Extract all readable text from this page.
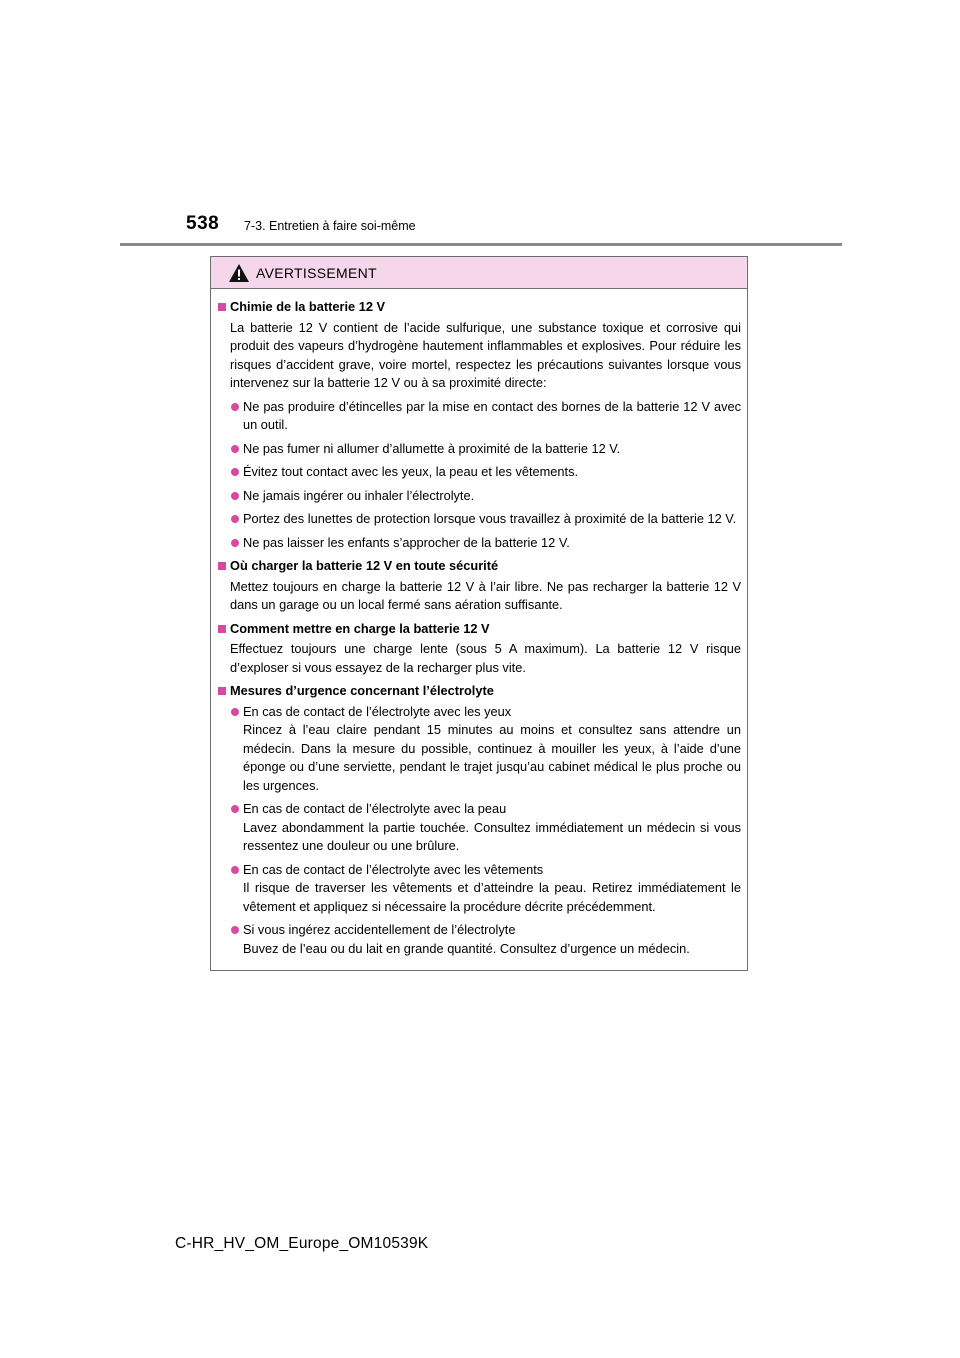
538 7-3. Entretien à faire soi-même
AVERTISSEMENT
Chimie de la batterie 12 V
La batterie 12 V contient de l’acide sulfurique, une substance toxique et corrosive qui produit des vapeurs d’hydrogène hautement inflammables et explosives. Pour réduire les risques d’accident grave, voire mortel, respectez les précautions suivantes lorsque vous intervenez sur la batterie 12 V ou à sa proximité directe:
Ne pas produire d’étincelles par la mise en contact des bornes de la batterie 12 V avec un outil.
Ne pas fumer ni allumer d’allumette à proximité de la batterie 12 V.
Évitez tout contact avec les yeux, la peau et les vêtements.
Ne jamais ingérer ou inhaler l’électrolyte.
Portez des lunettes de protection lorsque vous travaillez à proximité de la batterie 12 V.
Ne pas laisser les enfants s’approcher de la batterie 12 V.
Où charger la batterie 12 V en toute sécurité
Mettez toujours en charge la batterie 12 V à l’air libre. Ne pas recharger la batterie 12 V dans un garage ou un local fermé sans aération suffisante.
Comment mettre en charge la batterie 12 V
Effectuez toujours une charge lente (sous 5 A maximum). La batterie 12 V risque d’exploser si vous essayez de la recharger plus vite.
Mesures d’urgence concernant l’électrolyte
En cas de contact de l’électrolyte avec les yeux
Rincez à l’eau claire pendant 15 minutes au moins et consultez sans attendre un médecin. Dans la mesure du possible, continuez à mouiller les yeux, à l’aide d’une éponge ou d’une serviette, pendant le trajet jusqu’au cabinet médical le plus proche ou les urgences.
En cas de contact de l’électrolyte avec la peau
Lavez abondamment la partie touchée. Consultez immédiatement un médecin si vous ressentez une douleur ou une brûlure.
En cas de contact de l’électrolyte avec les vêtements
Il risque de traverser les vêtements et d’atteindre la peau. Retirez immédiatement le vêtement et appliquez si nécessaire la procédure décrite précédemment.
Si vous ingérez accidentellement de l’électrolyte
Buvez de l’eau ou du lait en grande quantité. Consultez d’urgence un médecin.
C-HR_HV_OM_Europe_OM10539K
